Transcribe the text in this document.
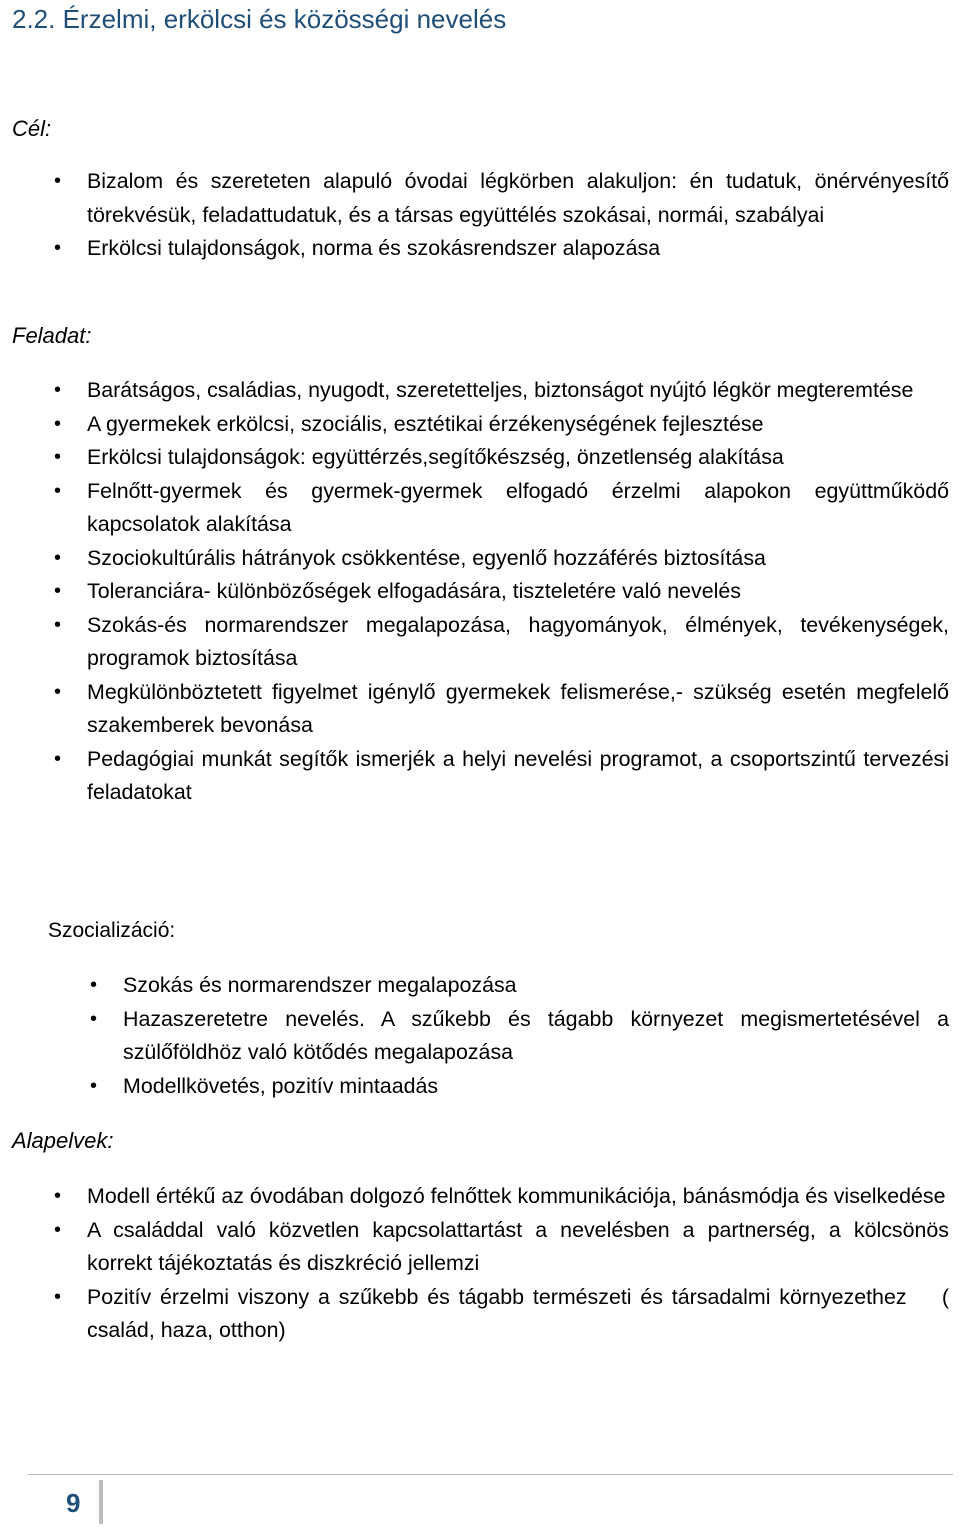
2.2. Érzelmi, erkölcsi és közösségi nevelés
Cél:
• Bizalom és szereteten alapuló óvodai légkörben alakuljon: én tudatuk, önérvényesítő törekvésük, feladattudatuk, és a társas együttélés szokásai, normái, szabályai
• Erkölcsi tulajdonságok, norma és szokásrendszer alapozása
Feladat:
• Barátságos, családias, nyugodt, szeretetteljes, biztonságot nyújtó légkör megteremtése
• A gyermekek erkölcsi, szociális, esztétikai érzékenységének fejlesztése
• Erkölcsi tulajdonságok: együttérzés,segítőkészség, önzetlenség alakítása
• Felnőtt-gyermek és gyermek-gyermek elfogadó érzelmi alapokon együttműködő kapcsolatok alakítása
• Szociokultúrális hátrányok csökkentése, egyenlő hozzáférés biztosítása
• Toleranciára- különbözőségek elfogadására, tiszteletére való nevelés
• Szokás-és normarendszer megalapozása, hagyományok, élmények, tevékenységek, programok biztosítása
• Megkülönböztetett figyelmet igénylő gyermekek felismerése,- szükség esetén megfelelő szakemberek bevonása
• Pedagógiai munkát segítők ismerjék a helyi nevelési programot, a csoportszintű tervezési feladatokat
Szocializáció:
• Szokás és normarendszer megalapozása
• Hazaszeretetre nevelés. A szűkebb és tágabb környezet megismertetésével a szülőföldhöz való kötődés megalapozása
• Modellkövetés, pozitív mintaadás
Alapelvek:
• Modell értékű az óvodában dolgozó felnőttek kommunikációja, bánásmódja és viselkedése
• A családdal való közvetlen kapcsolattartást a nevelésben a partnerség, a kölcsönös korrekt tájékoztatás és diszkréció jellemzi
• Pozitív érzelmi viszony a szűkebb és tágabb természeti és társadalmi környezethez    ( család, haza, otthon)
9
